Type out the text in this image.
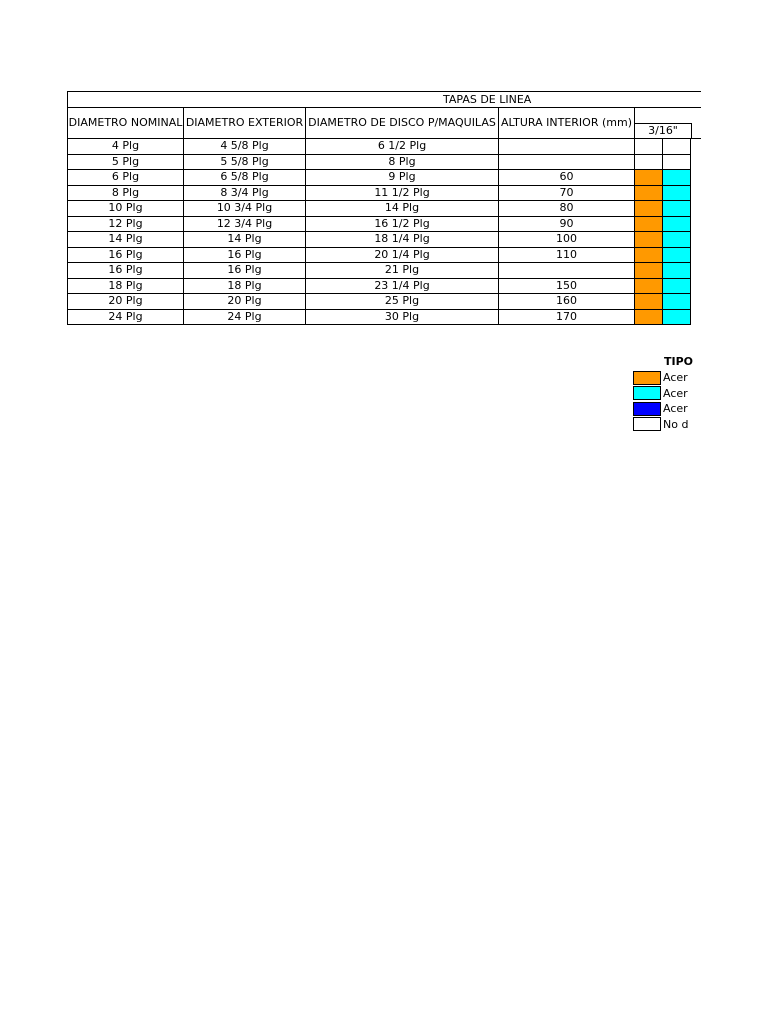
TAPAS DE LINEA						

DIAMETRO NOMINAL	DIAMETRO EXTERIOR	DIAMETRO DE DISCO P/MAQUILAS	ALTURA INTERIOR (mm)	3/16"		

4 Plg	4 5/8 Plg	6 1/2 Plg				
5 Plg	5 5/8 Plg	8 Plg				
6 Plg	6 5/8 Plg	9 Plg	60			
8 Plg	8 3/4 Plg	11 1/2 Plg	70			
10 Plg	10 3/4 Plg	14 Plg	80			
12 Plg	12 3/4 Plg	16 1/2 Plg	90			
14 Plg	14 Plg	18 1/4 Plg	100			
16 Plg	16 Plg	20 1/4 Plg	110			
16 Plg	16 Plg	21 Plg				
18 Plg	18 Plg	23 1/4 Plg	150			
20 Plg	20 Plg	25 Plg	160			
24 Plg	24 Plg	30 Plg	170			
TIPO
Acer
Acer
Acer
No d
